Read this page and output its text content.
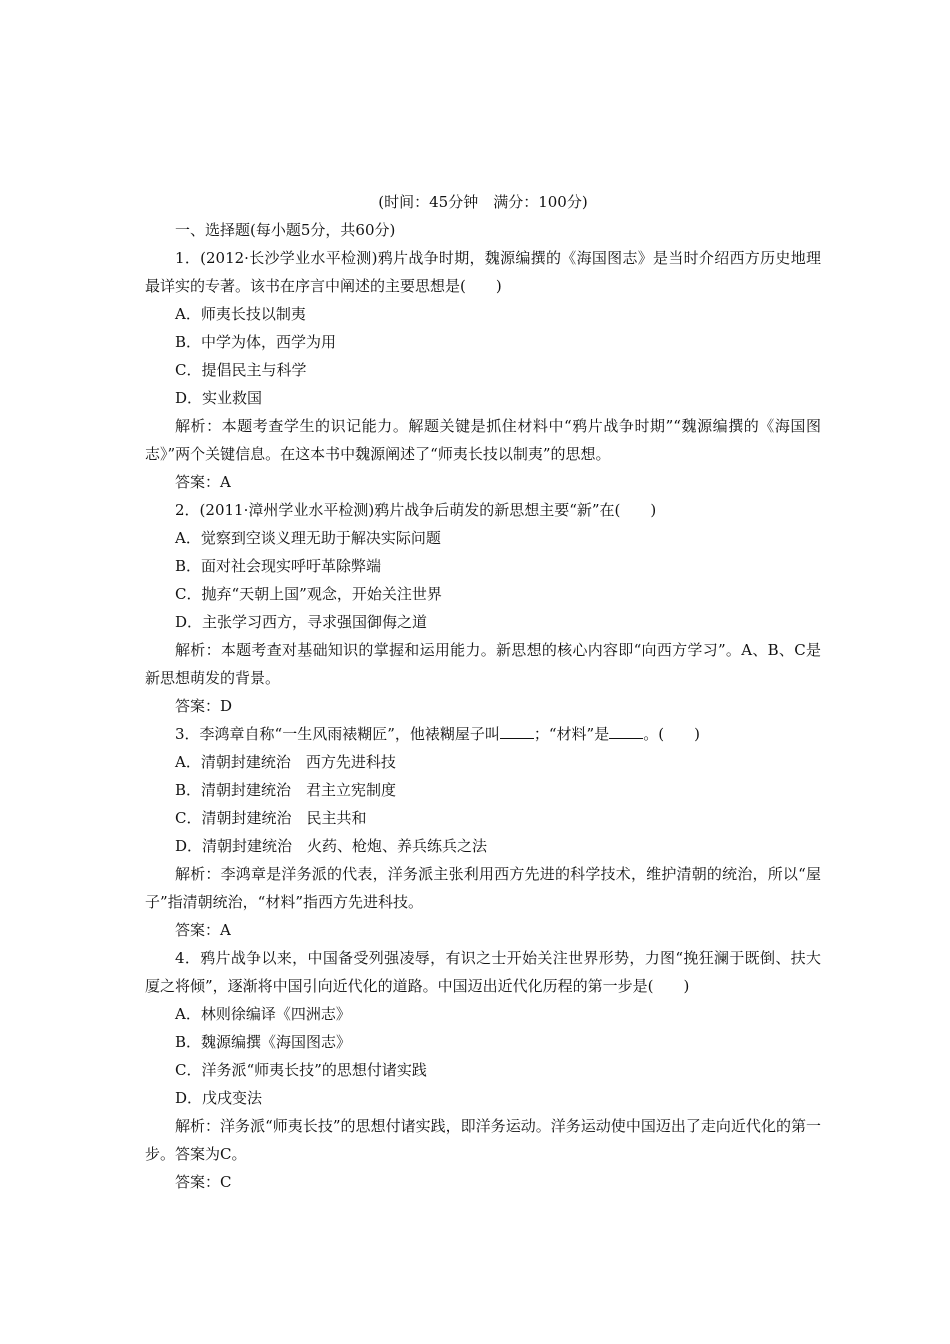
(时间：45分钟　满分：100分)

一、选择题(每小题5分，共60分)

1．(2012·长沙学业水平检测)鸦片战争时期，魏源编撰的《海国图志》是当时介绍西方历史地理最详实的专著。该书在序言中阐述的主要思想是(　　)

A．师夷长技以制夷

B．中学为体，西学为用

C．提倡民主与科学

D．实业救国

解析：本题考查学生的识记能力。解题关键是抓住材料中“鸦片战争时期”“魏源编撰的《海国图志》”两个关键信息。在这本书中魏源阐述了“师夷长技以制夷”的思想。

答案：A

2．(2011·漳州学业水平检测)鸦片战争后萌发的新思想主要“新”在(　　)

A．觉察到空谈义理无助于解决实际问题

B．面对社会现实呼吁革除弊端

C．抛弃“天朝上国”观念，开始关注世界

D．主张学习西方，寻求强国御侮之道

解析：本题考查对基础知识的掌握和运用能力。新思想的核心内容即“向西方学习”。A、B、C是新思想萌发的背景。

答案：D

3．李鸿章自称“一生风雨裱糊匠”，他裱糊屋子叫 ；“材料”是 。(　　)

A．清朝封建统治　西方先进科技

B．清朝封建统治　君主立宪制度

C．清朝封建统治　民主共和

D．清朝封建统治　火药、枪炮、养兵练兵之法

解析：李鸿章是洋务派的代表，洋务派主张利用西方先进的科学技术，维护清朝的统治，所以“屋子”指清朝统治，“材料”指西方先进科技。

答案：A

4．鸦片战争以来，中国备受列强凌辱，有识之士开始关注世界形势，力图“挽狂澜于既倒、扶大厦之将倾”，逐渐将中国引向近代化的道路。中国迈出近代化历程的第一步是(　　)

A．林则徐编译《四洲志》

B．魏源编撰《海国图志》

C．洋务派“师夷长技”的思想付诸实践

D．戊戌变法

解析：洋务派“师夷长技”的思想付诸实践，即洋务运动。洋务运动使中国迈出了走向近代化的第一步。答案为C。

答案：C
